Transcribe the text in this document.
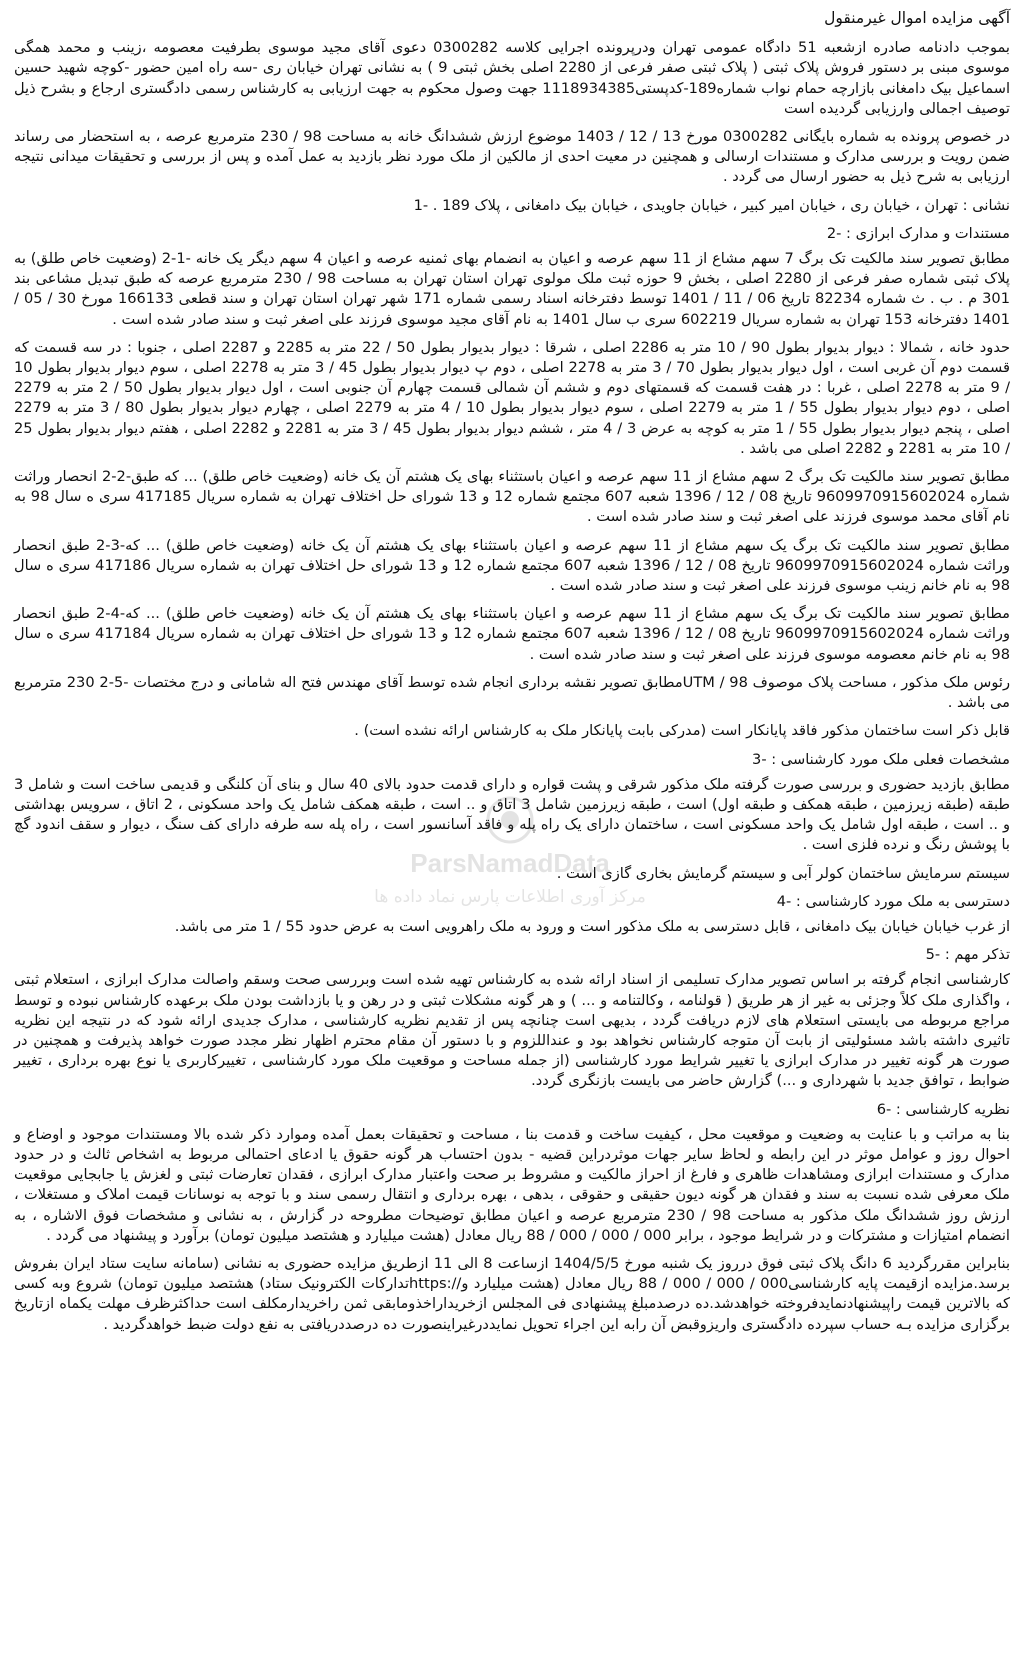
آگهی مزایده اموال غیرمنقول

بموجب دادنامه صادره ازشعبه 51 دادگاه عمومی تهران ودرپرونده اجرایی کلاسه 0300282 دعوی آقای مجید موسوی بطرفیت معصومه ،زینب و محمد همگی موسوی مبنی بر دستور فروش پلاک ثبتی ( پلاک ثبتی صفر فرعی از 2280 اصلی بخش ثبتی 9 ) به نشانی تهران خیابان ری -سه راه امین حضور -کوچه شهید حسین اسماعیل بیک دامغانی بازارچه حمام نواب شماره189-کدپستی1118934385 جهت وصول محکوم به جهت ارزیابی به کارشناس رسمی دادگستری ارجاع و بشرح ذیل توصیف اجمالی وارزیابی گردیده است

در خصوص پرونده به شماره بایگانی 0300282 مورخ 13 / 12 / 1403 موضوع ارزش ششدانگ خانه به مساحت 98 / 230 مترمربع عرصه ، به استحضار می رساند ضمن رویت و بررسی مدارک و مستندات ارسالی و همچنین در معیت احدی از مالکین از ملک مورد نظر بازدید به عمل آمده و پس از بررسی و تحقیقات میدانی نتیجه ارزیابی به شرح ذیل به حضور ارسال می گردد .

نشانی : تهران ، خیابان ری ، خیابان امیر کبیر ، خیابان جاویدی ، خیابان بیک دامغانی ، پلاک 189 . -1

مستندات و مدارک ابرازی : -2

مطابق تصویر سند مالکیت تک برگ 7 سهم مشاع از 11 سهم عرصه و اعیان به انضمام بهای ثمنیه عرصه و اعیان 4 سهم دیگر یک خانه -1-2 (وضعیت خاص طلق) به پلاک ثبتی شماره صفر فرعی از 2280 اصلی ، بخش 9 حوزه ثبت ملک مولوی تهران استان تهران به مساحت 98 / 230 مترمربع عرصه که طبق تبدیل مشاعی بند 301 م . ب . ث شماره 82234 تاریخ 06 / 11 / 1401 توسط دفترخانه اسناد رسمی شماره 171 شهر تهران استان تهران و سند قطعی 166133 مورخ 30 / 05 / 1401 دفترخانه 153 تهران به شماره سریال 602219 سری ب سال 1401 به نام آقای مجید موسوی فرزند علی اصغر ثبت و سند صادر شده است .

حدود خانه ، شمالا : دیوار بدیوار بطول 90 / 10 متر به 2286 اصلی ، شرقا : دیوار بدیوار بطول 50 / 22 متر به 2285 و 2287 اصلی ، جنوبا : در سه قسمت که قسمت دوم آن غربی است ، اول دیوار بدیوار بطول 70 / 3 متر به 2278 اصلی ، دوم پ دیوار بدیوار بطول 45 / 3 متر به 2278 اصلی ، سوم دیوار بدیوار بطول 10 / 9 متر به 2278 اصلی ، غربا : در هفت قسمت که قسمتهای دوم و ششم آن شمالی قسمت چهارم آن جنوبی است ، اول دیوار بدیوار بطول 50 / 2 متر به 2279 اصلی ، دوم دیوار بدیوار بطول 55 / 1 متر به 2279 اصلی ، سوم دیوار بدیوار بطول 10 / 4 متر به 2279 اصلی ، چهارم دیوار بدیوار بطول 80 / 3 متر به 2279 اصلی ، پنجم دیوار بدیوار بطول 55 / 1 متر به کوچه به عرض 3 / 4 متر ، ششم دیوار بدیوار بطول 45 / 3 متر به 2281 و 2282 اصلی ، هفتم دیوار بدیوار بطول 25 / 10 متر به 2281 و 2282 اصلی می باشد .

مطابق تصویر سند مالکیت تک برگ 2 سهم مشاع از 11 سهم عرصه و اعیان باستثناء بهای یک هشتم آن یک خانه (وضعیت خاص طلق) ... که طبق-2-2 انحصار وراثت شماره 9609970915602024 تاریخ 08 / 12 / 1396 شعبه 607 مجتمع شماره 12 و 13 شورای حل اختلاف تهران به شماره سریال 417185 سری ه سال 98 به نام آقای محمد موسوی فرزند علی اصغر ثبت و سند صادر شده است .

مطابق تصویر سند مالکیت تک برگ یک سهم مشاع از 11 سهم عرصه و اعیان باستثناء بهای یک هشتم آن یک خانه (وضعیت خاص طلق) ... که-3-2 طبق انحصار وراثت شماره 9609970915602024 تاریخ 08 / 12 / 1396 شعبه 607 مجتمع شماره 12 و 13 شورای حل اختلاف تهران به شماره سریال 417186 سری ه سال 98 به نام خانم زینب موسوی فرزند علی اصغر ثبت و سند صادر شده است .

مطابق تصویر سند مالکیت تک برگ یک سهم مشاع از 11 سهم عرصه و اعیان باستثناء بهای یک هشتم آن یک خانه (وضعیت خاص طلق) ... که-4-2 طبق انحصار وراثت شماره 9609970915602024 تاریخ 08 / 12 / 1396 شعبه 607 مجتمع شماره 12 و 13 شورای حل اختلاف تهران به شماره سریال 417184 سری ه سال 98 به نام خانم معصومه موسوی فرزند علی اصغر ثبت و سند صادر شده است .

رئوس ملک مذکور ، مساحت پلاک موصوف UTM / 98مطابق تصویر نقشه برداری انجام شده توسط آقای مهندس فتح اله شامانی و درج مختصات -5-2 230 مترمربع می باشد .

قابل ذکر است ساختمان مذکور فاقد پایانکار است (مدرکی بابت پایانکار ملک به کارشناس ارائه نشده است) .

مشخصات فعلی ملک مورد کارشناسی : -3

مطابق بازدید حضوری و بررسی صورت گرفته ملک مذکور شرقی و پشت قواره و دارای قدمت حدود بالای 40 سال و بنای آن کلنگی و قدیمی ساخت است و شامل 3 طبقه (طبقه زیرزمین ، طبقه همکف و طبقه اول) است ، طبقه زیرزمین شامل 3 اتاق و .. است ، طبقه همکف شامل یک واحد مسکونی ، 2 اتاق ، سرویس بهداشتی و .. است ، طبقه اول شامل یک واحد مسکونی است ، ساختمان دارای یک راه پله و فاقد آسانسور است ، راه پله سه طرفه دارای کف سنگ ، دیوار و سقف اندود گچ با پوشش رنگ و نرده فلزی است .

سیستم سرمایش ساختمان کولر آبی و سیستم گرمایش بخاری گازی است .

دسترسی به ملک مورد کارشناسی : -4

از غرب خیابان خیابان بیک دامغانی ، قابل دسترسی به ملک مذکور است و ورود به ملک راهرویی است به عرض حدود 55 / 1 متر می باشد.

تذکر مهم : -5

کارشناسی انجام گرفته بر اساس تصویر مدارک تسلیمی از اسناد ارائه شده به کارشناس تهیه شده است وبررسی صحت وسقم واصالت مدارک ابرازی ، استعلام ثبتی ، واگذاری ملک کلاً وجزئی به غیر از هر طریق ( قولنامه ، وکالتنامه و ... ) و هر گونه مشکلات ثبتی و در رهن و یا بازداشت بودن ملک برعهده کارشناس نبوده و توسط مراجع مربوطه می بایستی استعلام های لازم دریافت گردد ، بدیهی است چنانچه پس از تقدیم نظریه کارشناسی ، مدارک جدیدی ارائه شود که در نتیجه این نظریه تاثیری داشته باشد مسئولیتی از بابت آن متوجه کارشناس نخواهد بود و عنداللزوم و با دستور آن مقام محترم اظهار نظر مجدد صورت خواهد پذیرفت و همچنین در صورت هر گونه تغییر در مدارک ابرازی یا تغییر شرایط مورد کارشناسی (از جمله مساحت و موقعیت ملک مورد کارشناسی ، تغییرکاربری یا نوع بهره برداری ، تغییر ضوابط ، توافق جدید با شهرداری و ...) گزارش حاضر می بایست بازنگری گردد.

نظریه کارشناسی : -6

بنا به مراتب و با عنایت به وضعیت و موقعیت محل ، کیفیت ساخت و قدمت بنا ، مساحت و تحقیقات بعمل آمده وموارد ذکر شده بالا ومستندات موجود و اوضاع و احوال روز و عوامل موثر در این رابطه و لحاظ سایر جهات موثردراین قضیه - بدون احتساب هر گونه حقوق یا ادعای احتمالی مربوط به اشخاص ثالث و در حدود مدارک و مستندات ابرازی ومشاهدات ظاهری و فارغ از احراز مالکیت و مشروط بر صحت واعتبار مدارک ابرازی ، فقدان تعارضات ثبتی و لغزش یا جابجایی موقعیت ملک معرفی شده نسبت به سند و فقدان هر گونه دیون حقیقی و حقوقی ، بدهی ، بهره برداری و انتقال رسمی سند و با توجه به نوسانات قیمت املاک و مستغلات ، ارزش روز ششدانگ ملک مذکور به مساحت 98 / 230 مترمربع عرصه و اعیان مطابق توضیحات مطروحه در گزارش ، به نشانی و مشخصات فوق الاشاره ، به انضمام امتیازات و مشترکات و در شرایط موجود ، برابر 000 / 000 / 000 / 88 ریال معادل (هشت میلیارد و هشتصد میلیون تومان) برآورد و پیشنهاد می گردد .

بنابراین مقررگردید 6 دانگ پلاک ثبتی فوق درروز یک شنبه مورخ 1404/5/5 ازساعت 8 الی 11 ازطریق مزایده حضوری به نشانی (سامانه سایت ستاد ایران بفروش برسد.مزایده ازقیمت پایه کارشناسی000 / 000 / 000 / 88 ریال معادل (هشت میلیارد و//:httpsتدارکات الکترونیک ستاد) هشتصد میلیون تومان) شروع وبه کسی که بالاترین قیمت راپیشنهادنمایدفروخته خواهدشد.ده درصدمبلغ پیشنهادی فی المجلس ازخریداراخذومابقی ثمن راخریدارمکلف است حداکثرظرف مهلت یکماه ازتاریخ برگزاری مزایده بـه حساب سپرده دادگستری واریزوقبض آن رابه این اجراء تحویل نمایددرغیراینصورت ده درصددریافتی به نفع دولت ضبط خواهدگردید .

ParsNamadData
مرکز آوری اطلاعات پارس نماد داده ها
